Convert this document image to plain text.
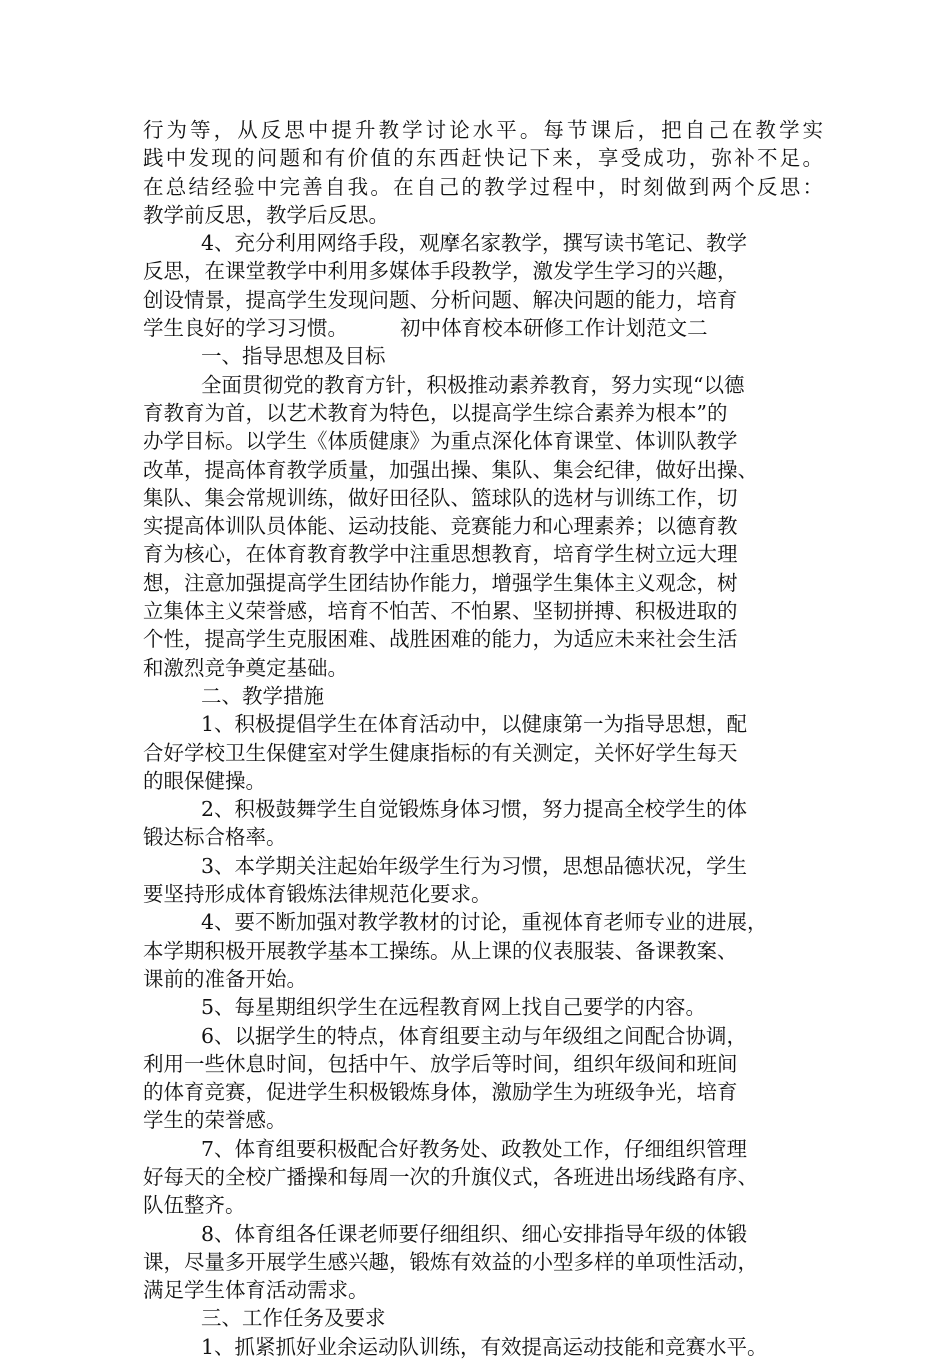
行为等，从反思中提升教学讨论水平。每节课后，把自己在教学实
践中发现的问题和有价值的东西赶快记下来，享受成功，弥补不足。
在总结经验中完善自我。在自己的教学过程中，时刻做到两个反思：
教学前反思，教学后反思。
4、充分利用网络手段，观摩名家教学，撰写读书笔记、教学
反思，在课堂教学中利用多媒体手段教学，激发学生学习的兴趣，
创设情景，提高学生发现问题、分析问题、解决问题的能力，培育
学生良好的学习习惯。        初中体育校本研修工作计划范文二
一、指导思想及目标
全面贯彻党的教育方针，积极推动素养教育，努力实现“以德
育教育为首，以艺术教育为特色，以提高学生综合素养为根本”的
办学目标。以学生《体质健康》为重点深化体育课堂、体训队教学
改革，提高体育教学质量，加强出操、集队、集会纪律，做好出操、
集队、集会常规训练，做好田径队、篮球队的选材与训练工作，切
实提高体训队员体能、运动技能、竞赛能力和心理素养；以德育教
育为核心，在体育教育教学中注重思想教育，培育学生树立远大理
想，注意加强提高学生团结协作能力，增强学生集体主义观念，树
立集体主义荣誉感，培育不怕苦、不怕累、坚韧拼搏、积极进取的
个性，提高学生克服困难、战胜困难的能力，为适应未来社会生活
和激烈竞争奠定基础。
二、教学措施
1、积极提倡学生在体育活动中，以健康第一为指导思想，配
合好学校卫生保健室对学生健康指标的有关测定，关怀好学生每天
的眼保健操。
2、积极鼓舞学生自觉锻炼身体习惯，努力提高全校学生的体
锻达标合格率。
3、本学期关注起始年级学生行为习惯，思想品德状况，学生
要坚持形成体育锻炼法律规范化要求。
4、要不断加强对教学教材的讨论，重视体育老师专业的进展，
本学期积极开展教学基本工操练。从上课的仪表服装、备课教案、
课前的准备开始。
5、每星期组织学生在远程教育网上找自己要学的内容。
6、以据学生的特点，体育组要主动与年级组之间配合协调，
利用一些休息时间，包括中午、放学后等时间，组织年级间和班间
的体育竞赛，促进学生积极锻炼身体，激励学生为班级争光，培育
学生的荣誉感。
7、体育组要积极配合好教务处、政教处工作，仔细组织管理
好每天的全校广播操和每周一次的升旗仪式，各班进出场线路有序、
队伍整齐。
8、体育组各任课老师要仔细组织、细心安排指导年级的体锻
课，尽量多开展学生感兴趣，锻炼有效益的小型多样的单项性活动，
满足学生体育活动需求。
三、工作任务及要求
1、抓紧抓好业余运动队训练，有效提高运动技能和竞赛水平。
